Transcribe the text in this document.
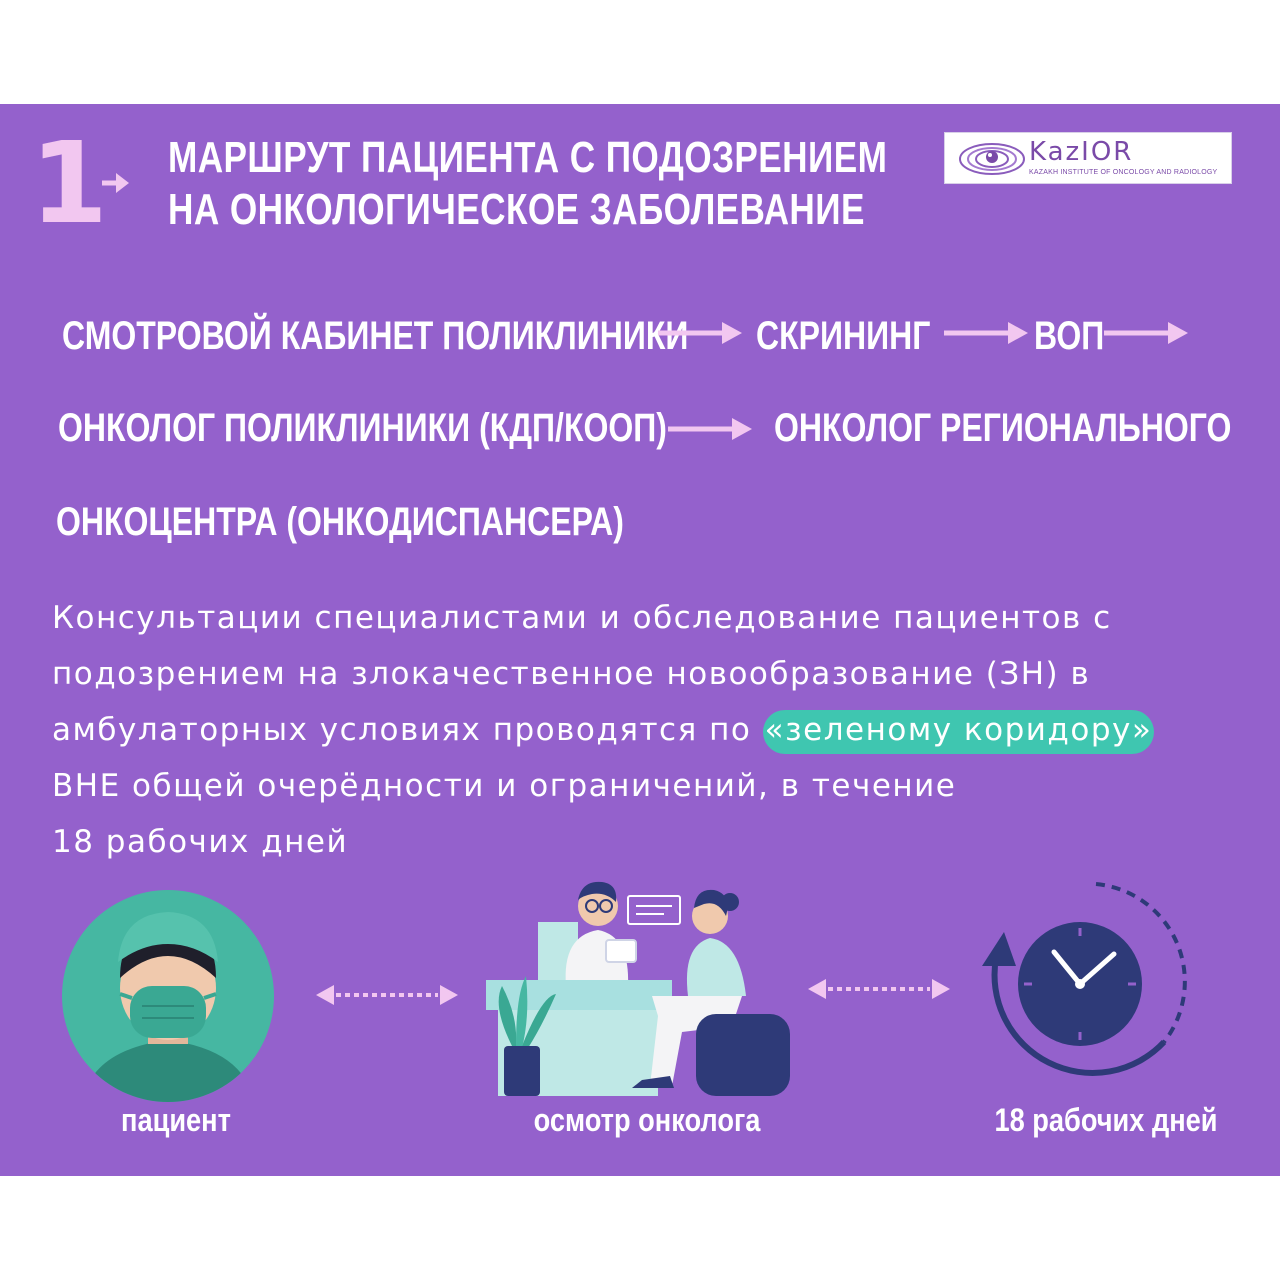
1 МАРШРУТ ПАЦИЕНТА С ПОДОЗРЕНИЕМ
НА ОНКОЛОГИЧЕСКОЕ ЗАБОЛЕВАНИЕ
KazIOR
KAZAKH INSTITUTE OF ONCOLOGY AND RADIOLOGY
СМОТРОВОЙ КАБИНЕТ ПОЛИКЛИНИКИ СКРИНИНГ	ВОП
ОНКОЛОГ ПОЛИКЛИНИКИ (КДП/КООП)	ОНКОЛОГ РЕГИОНАЛЬНОГО
ОНКОЦЕНТРА (ОНКОДИСПАНСЕРА)
Консультации специалистами и обследование пациентов с
подозрением на злокачественное новообразование (ЗН) в
амбулаторных условиях проводятся по «зеленому коридору»
ВНЕ общей очерёдности и ограничений, в течение
18 рабочих дней
пациент	осмотр онколога	18 рабочих дней
